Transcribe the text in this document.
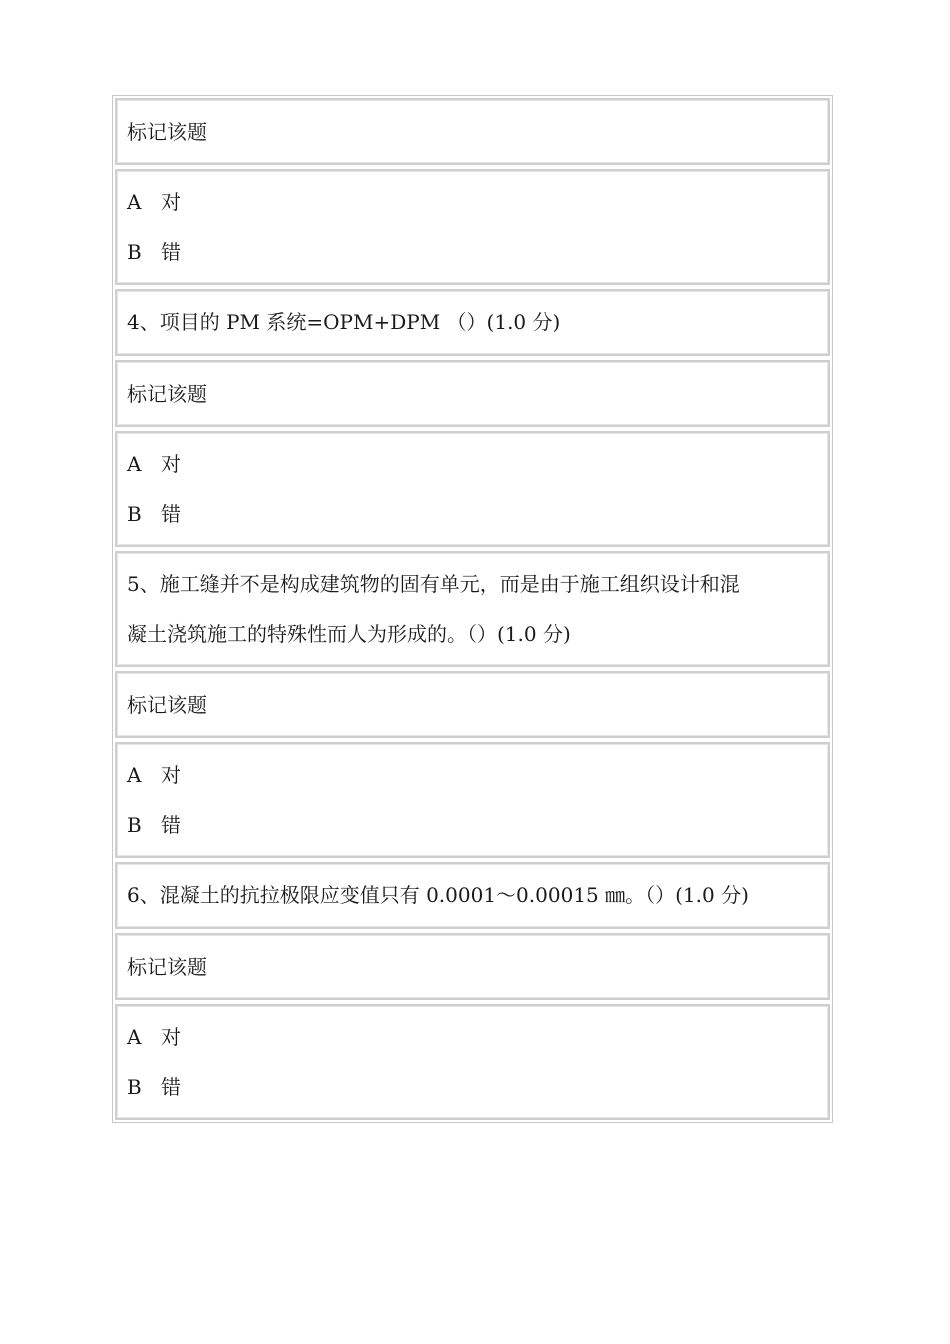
标记该题
A 对
B 错
4、项目的 PM 系统=OPM+DPM （）(1.0 分)
标记该题
A 对
B 错
5、施工缝并不是构成建筑物的固有单元，而是由于施工组织设计和混
凝土浇筑施工的特殊性而人为形成的。（）(1.0 分)
标记该题
A 对
B 错
6、混凝土的抗拉极限应变值只有 0.0001～0.00015 ㎜。（）(1.0 分)
标记该题
A 对
B 错
